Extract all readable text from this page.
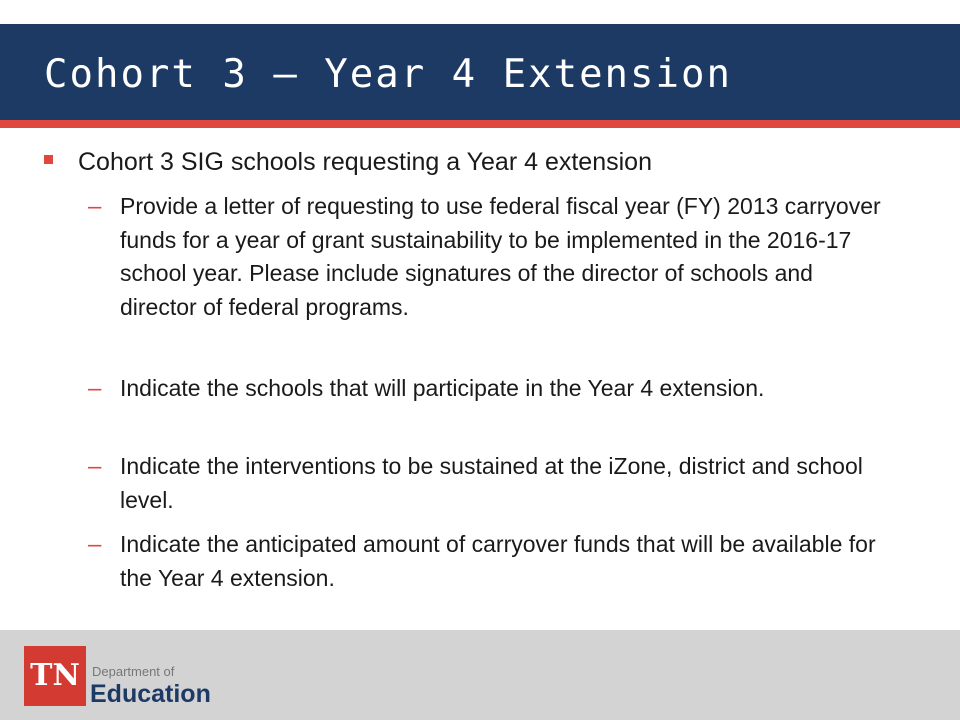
Cohort 3 – Year 4 Extension
Cohort 3 SIG schools requesting a Year 4 extension
– Provide a letter of requesting to use federal fiscal year (FY) 2013 carryover funds for a year of grant sustainability to be implemented in the 2016-17 school year. Please include signatures of the director of schools and director of federal programs.
– Indicate the schools that will participate in the Year 4 extension.
– Indicate the interventions to be sustained at the iZone, district and school level.
– Indicate the anticipated amount of carryover funds that will be available for the Year 4 extension.
TN Department of
Education
